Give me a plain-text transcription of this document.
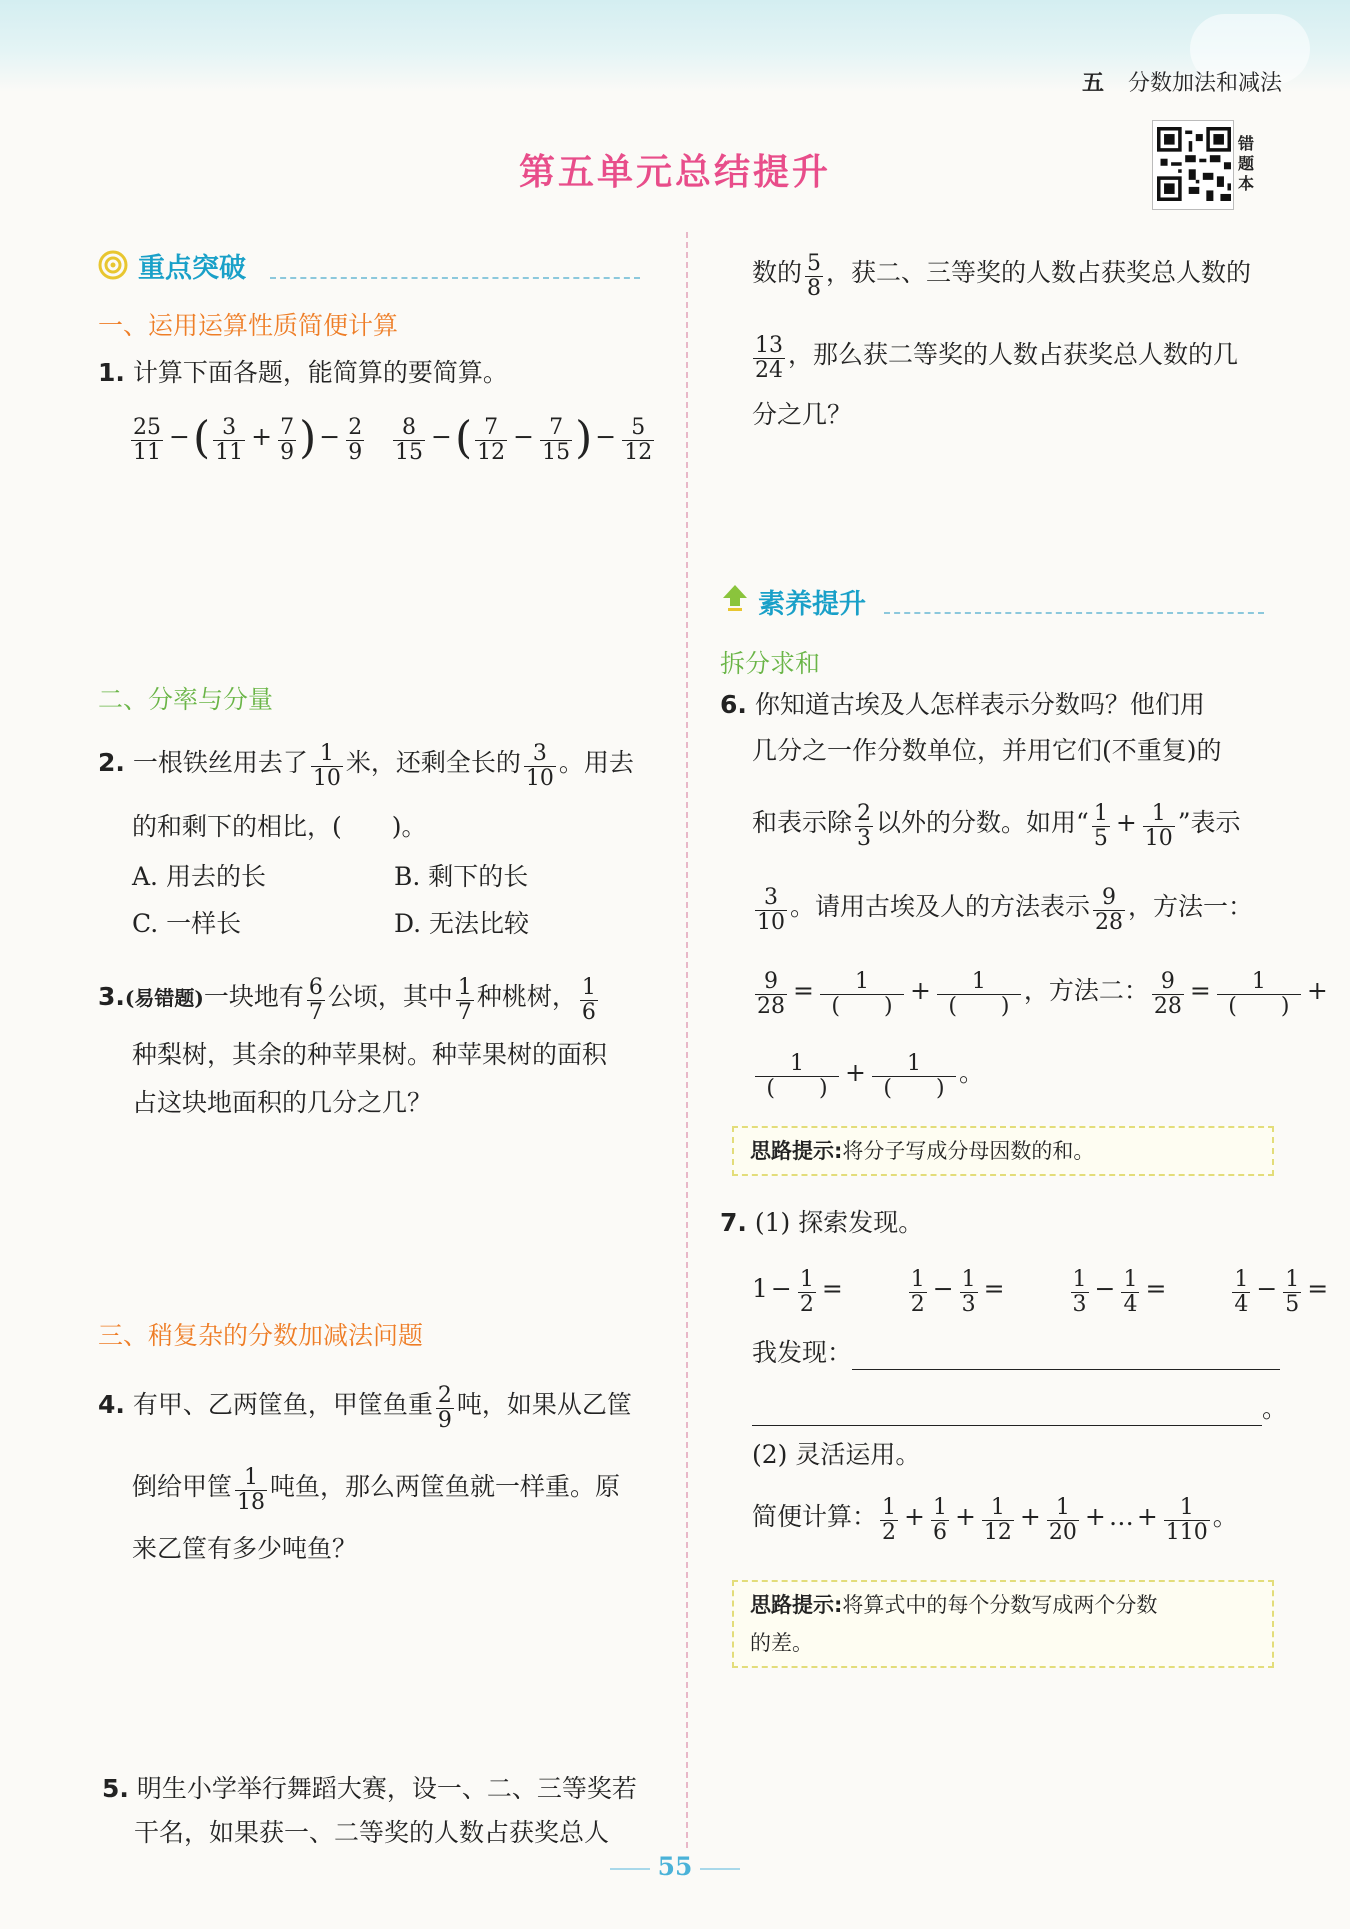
五 分数加法和减法
第五单元总结提升
错
题
本
重点突破
一、运用运算性质简便计算
1. 计算下面各题，能简算的要简算。
$\frac{25}{11}$ −( $\frac{3}{11} + \frac{7}{9}$ ) − $\frac{2}{9} \frac{8}{15}$ −( $\frac{7}{12} - \frac{7}{15}$ ) − $\frac{5}{12}$
二、分率与分量
2. 一根铁丝用去了 $\frac{1}{10}$ 米，还剩全长的 $\frac{3}{10}$ 。用去
的和剩下的相比，(　　)。
A. 用去的长	B. 剩下的长
C. 一样长	D. 无法比较
3.(易错题)一块地有 $\frac{6}{7}$ 公顷，其中 $\frac{1}{7}$ 种桃树， $\frac{1}{6}$
种梨树，其余的种苹果树。种苹果树的面积
占这块地面积的几分之几？
三、稍复杂的分数加减法问题
4. 有甲、乙两筐鱼，甲筐鱼重 $\frac{2}{9}$ 吨，如果从乙筐
倒给甲筐 $\frac{1}{18}$ 吨鱼，那么两筐鱼就一样重。原
来乙筐有多少吨鱼？
5. 明生小学举行舞蹈大赛，设一、二、三等奖若
干名，如果获一、二等奖的人数占获奖总人
数的 $\frac{5}{8}$ ，获二、三等奖的人数占获奖总人数的
$\frac{13}{24}$ ，那么获二等奖的人数占获奖总人数的几
分之几？
素养提升
拆分求和
6. 你知道古埃及人怎样表示分数吗？他们用
几分之一作分数单位，并用它们(不重复)的
和表示除 $\frac{2}{3}$ 以外的分数。如用“ $\frac{1}{5} + \frac{1}{10}$ ”表示
$\frac{3}{10}$ 。请用古埃及人的方法表示 $\frac{9}{28}$ ，方法一：
$\frac{9}{28} = 1$
(　　)
+ 1
(　　)
，方法二： $\frac{9}{28} = 1$
(　　)
+
1
(　　)
+ 1
(　　)
。
思路提示:将分子写成分母因数的和。
7. (1) 探索发现。
$1 - \frac{1}{2}$ =	$\frac{1}{2} - \frac{1}{3}$ =	$\frac{1}{3} - \frac{1}{4}$ =	$\frac{1}{4} - \frac{1}{5}$ =
我发现：
。
(2) 灵活运用。
简便计算： $\frac{1}{2} + \frac{1}{6} + \frac{1}{12} + \frac{1}{20}$ + … + $\frac{1}{110}$ 。
思路提示:将算式中的每个分数写成两个分数
的差。
55
